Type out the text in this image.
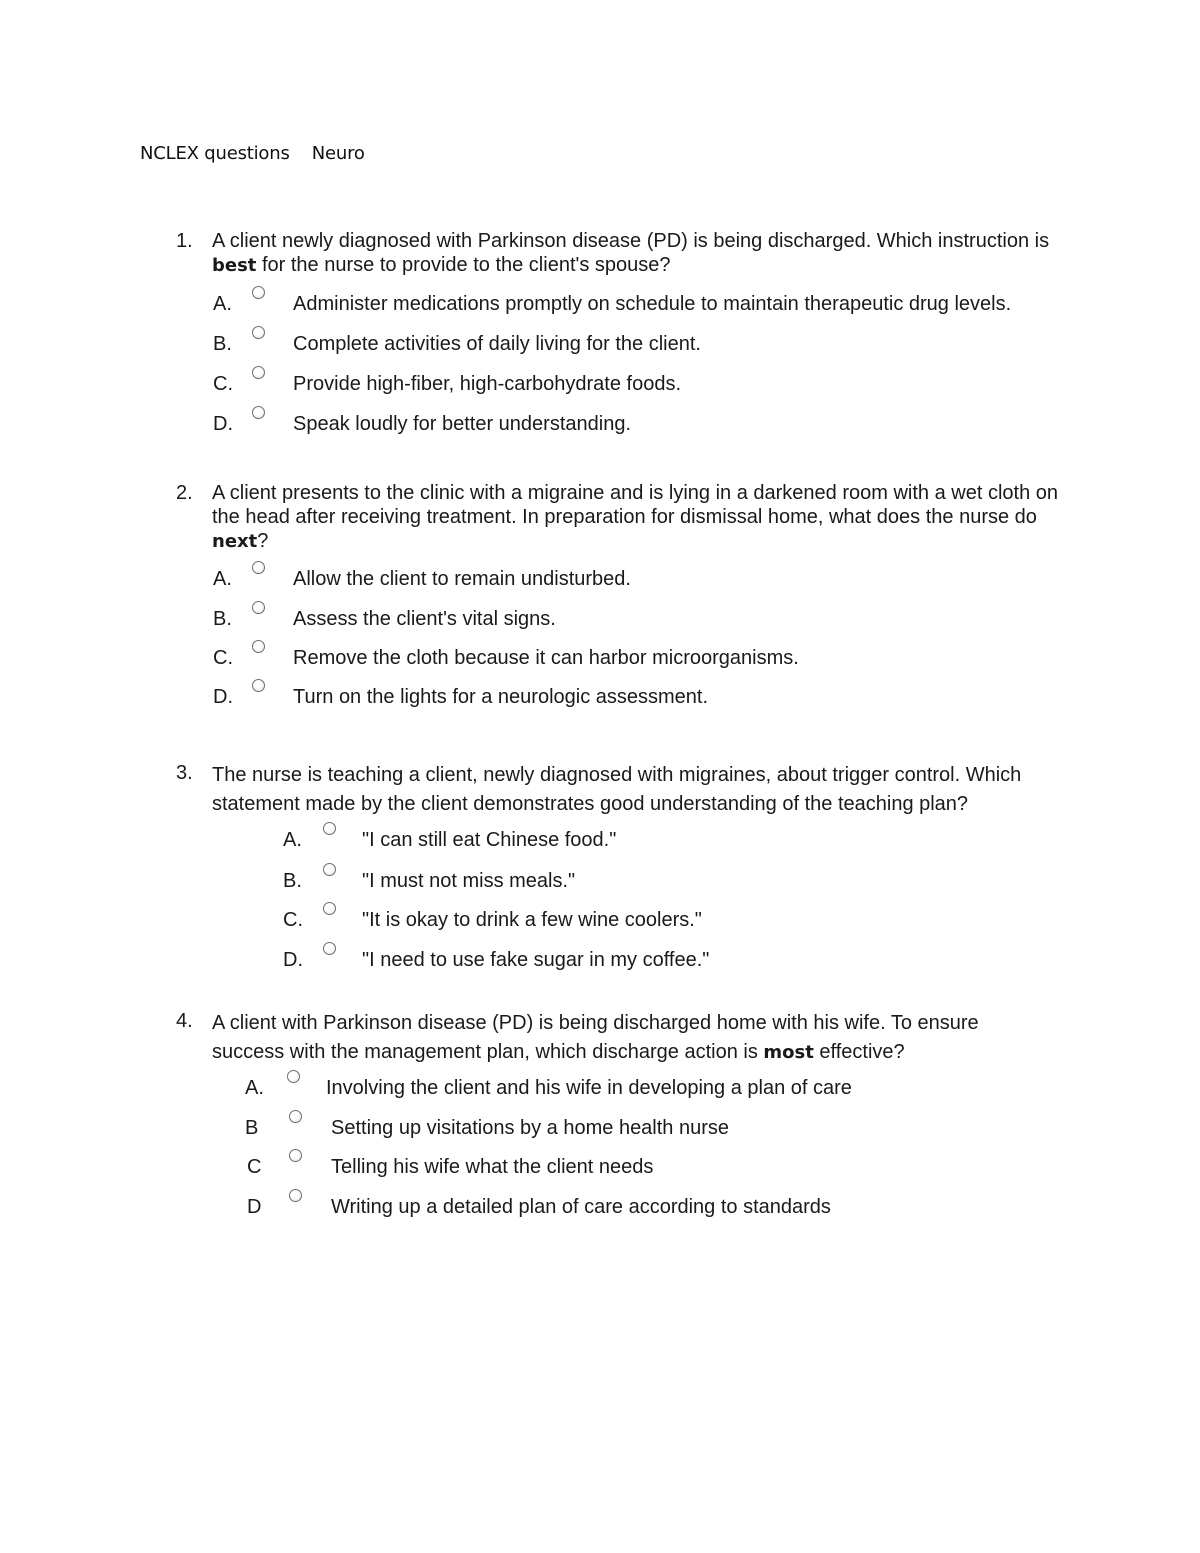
NCLEX questions    Neuro
1. A client newly diagnosed with Parkinson disease (PD) is being discharged. Which instruction is best for the nurse to provide to the client's spouse?
A.	Administer medications promptly on schedule to maintain therapeutic drug levels.
B.	Complete activities of daily living for the client.
C.	Provide high-fiber, high-carbohydrate foods.
D.	Speak loudly for better understanding.
2. A client presents to the clinic with a migraine and is lying in a darkened room with a wet cloth on the head after receiving treatment. In preparation for dismissal home, what does the nurse do next?
A.	Allow the client to remain undisturbed.
B.	Assess the client's vital signs.
C.	Remove the cloth because it can harbor microorganisms.
D.	Turn on the lights for a neurologic assessment.
3. The nurse is teaching a client, newly diagnosed with migraines, about trigger control. Which statement made by the client demonstrates good understanding of the teaching plan?
A.	"I can still eat Chinese food."
B.	"I must not miss meals."
C.	"It is okay to drink a few wine coolers."
D.	"I need to use fake sugar in my coffee."
4. A client with Parkinson disease (PD) is being discharged home with his wife. To ensure success with the management plan, which discharge action is most effective?
A.	Involving the client and his wife in developing a plan of care
B	Setting up visitations by a home health nurse
C	Telling his wife what the client needs
D	Writing up a detailed plan of care according to standards
